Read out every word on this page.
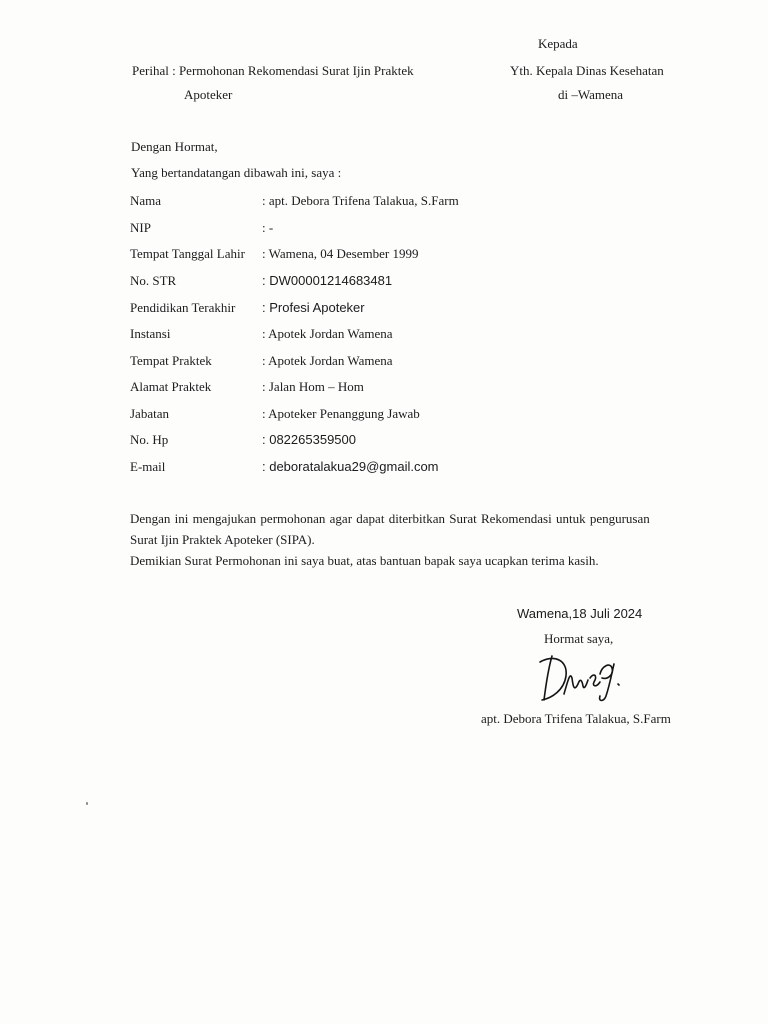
Kepada
Yth. Kepala Dinas Kesehatan
di –Wamena
Perihal : Permohonan Rekomendasi Surat Ijin Praktek
Apoteker
Dengan Hormat,
Yang bertandatangan dibawah ini, saya :
Nama	: apt. Debora Trifena Talakua, S.Farm
NIP	: -
Tempat Tanggal Lahir : Wamena, 04 Desember 1999
No. STR	: DW00001214683481
Pendidikan Terakhir : Profesi Apoteker
Instansi	: Apotek Jordan Wamena
Tempat Praktek	: Apotek Jordan Wamena
Alamat Praktek	: Jalan Hom – Hom
Jabatan	: Apoteker Penanggung Jawab
No. Hp	: 082265359500
E-mail	: deboratalakua29@gmail.com

Dengan ini mengajukan permohonan agar dapat diterbitkan Surat Rekomendasi untuk pengurusan

Surat Ijin Praktek Apoteker (SIPA).

Demikian Surat Permohonan ini saya buat, atas bantuan bapak saya ucapkan terima kasih.

Wamena,18 Juli 2024
Hormat saya,
apt. Debora Trifena Talakua, S.Farm
